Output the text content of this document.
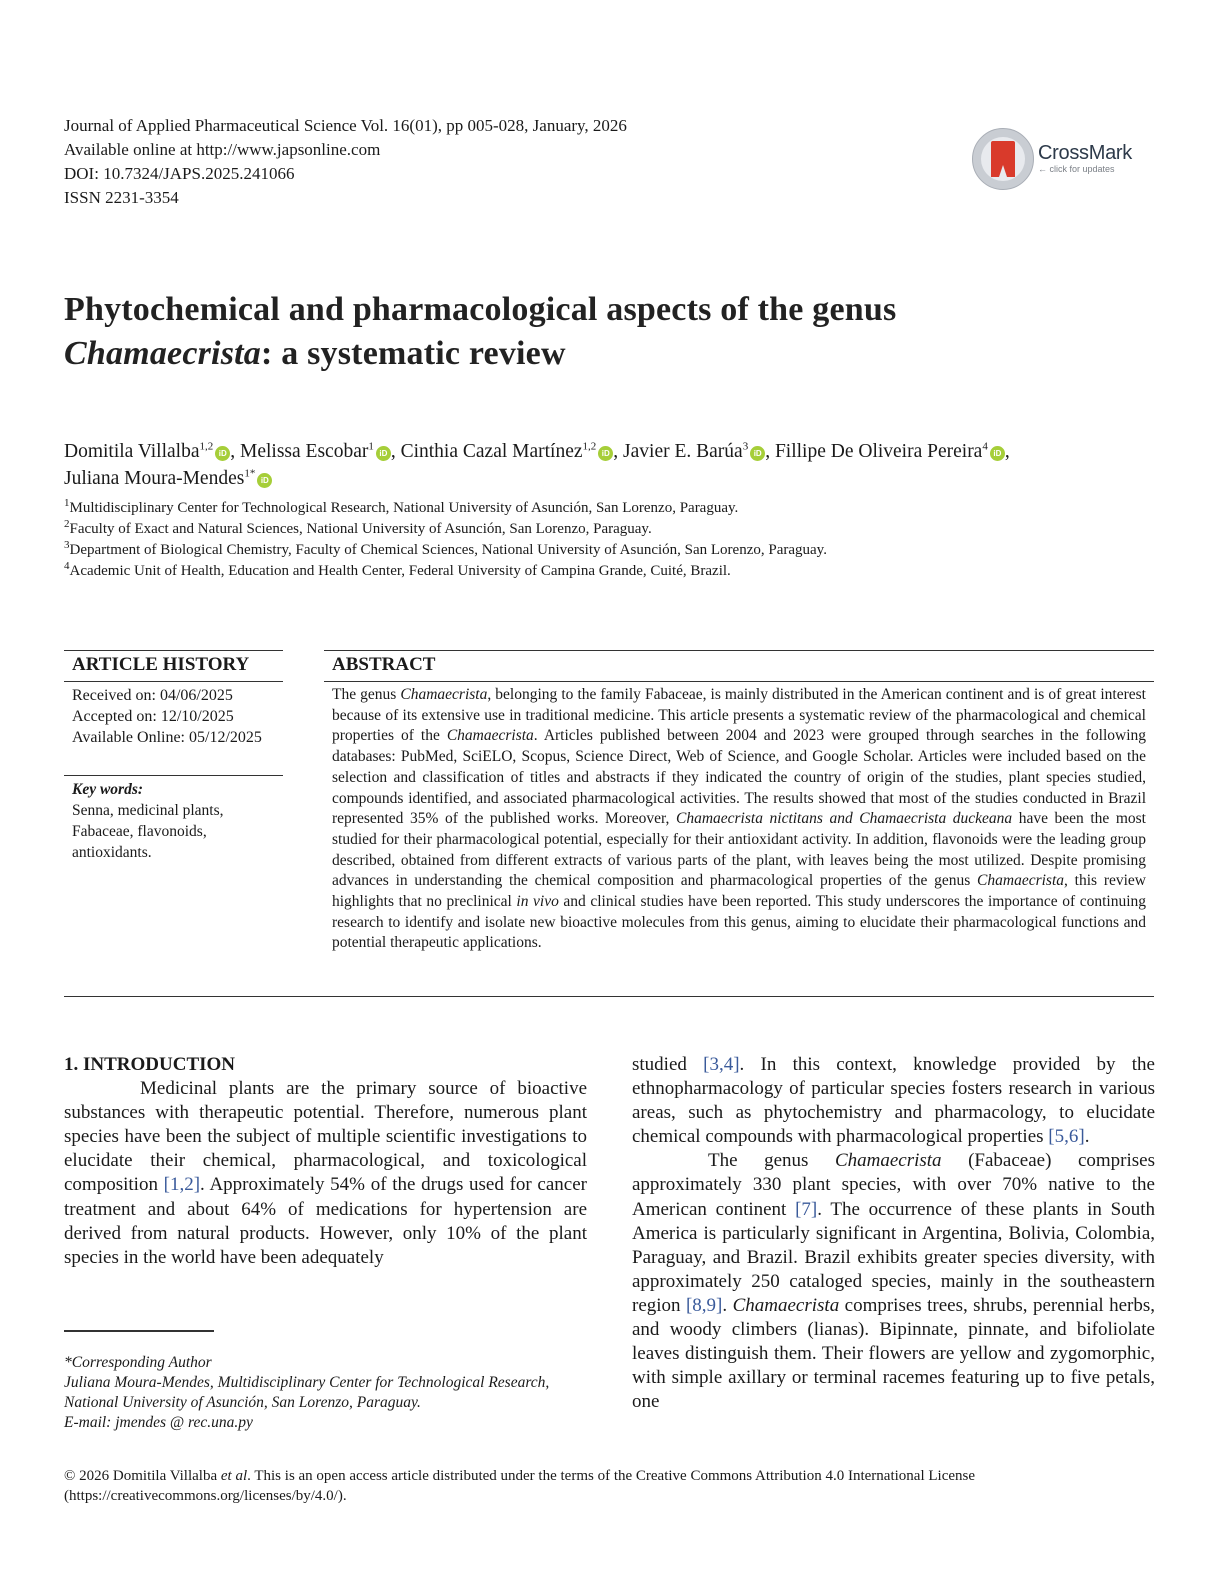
Journal of Applied Pharmaceutical Science Vol. 16(01), pp 005-028, January, 2026
Available online at http://www.japsonline.com
DOI: 10.7324/JAPS.2025.241066
ISSN 2231-3354
CrossMark
← click for updates
Phytochemical and pharmacological aspects of the genus
Chamaecrista: a systematic review
Domitila Villalba$^{1,2}$iD , Melissa Escobar$^1$iD , Cinthia Cazal Martínez$^{1,2}$iD , Javier E. Barúa$^3$iD , Fillipe De Oliveira Pereira$^4$iD ,
Juliana Moura-Mendes$^{1*}$iD
$^1$Multidisciplinary Center for Technological Research, National University of Asunción, San Lorenzo, Paraguay.
$^2$Faculty of Exact and Natural Sciences, National University of Asunción, San Lorenzo, Paraguay.
$^3$Department of Biological Chemistry, Faculty of Chemical Sciences, National University of Asunción, San Lorenzo, Paraguay.
$^4$Academic Unit of Health, Education and Health Center, Federal University of Campina Grande, Cuité, Brazil.
ARTICLE HISTORY
Received on: 04/06/2025
Accepted on: 12/10/2025
Available Online: 05/12/2025
Key words:
Senna, medicinal plants,
Fabaceae, flavonoids,
antioxidants.
ABSTRACT
The genus Chamaecrista, belonging to the family Fabaceae, is mainly distributed in the American continent and is of great interest because of its extensive use in traditional medicine. This article presents a systematic review of the pharmacological and chemical properties of the Chamaecrista. Articles published between 2004 and 2023 were grouped through searches in the following databases: PubMed, SciELO, Scopus, Science Direct, Web of Science, and Google Scholar. Articles were included based on the selection and classification of titles and abstracts if they indicated the country of origin of the studies, plant species studied, compounds identified, and associated pharmacological activities. The results showed that most of the studies conducted in Brazil represented 35% of the published works. Moreover, Chamaecrista nictitans and Chamaecrista duckeana have been the most studied for their pharmacological potential, especially for their antioxidant activity. In addition, flavonoids were the leading group described, obtained from different extracts of various parts of the plant, with leaves being the most utilized. Despite promising advances in understanding the chemical composition and pharmacological properties of the genus Chamaecrista, this review highlights that no preclinical in vivo and clinical studies have been reported. This study underscores the importance of continuing research to identify and isolate new bioactive molecules from this genus, aiming to elucidate their pharmacological functions and potential therapeutic applications.
1. INTRODUCTION
Medicinal plants are the primary source of bioactive substances with therapeutic potential. Therefore, numerous plant species have been the subject of multiple scientific investigations to elucidate their chemical, pharmacological, and toxicological composition [1,2]. Approximately 54% of the drugs used for cancer treatment and about 64% of medications for hypertension are derived from natural products. However, only 10% of the plant species in the world have been adequately
*Corresponding Author
Juliana Moura-Mendes, Multidisciplinary Center for Technological Research, National University of Asunción, San Lorenzo, Paraguay.
E-mail: jmendes @ rec.una.py
studied [3,4]. In this context, knowledge provided by the ethnopharmacology of particular species fosters research in various areas, such as phytochemistry and pharmacology, to elucidate chemical compounds with pharmacological properties [5,6].
The genus Chamaecrista (Fabaceae) comprises approximately 330 plant species, with over 70% native to the American continent [7]. The occurrence of these plants in South America is particularly significant in Argentina, Bolivia, Colombia, Paraguay, and Brazil. Brazil exhibits greater species diversity, with approximately 250 cataloged species, mainly in the southeastern region [8,9]. Chamaecrista comprises trees, shrubs, perennial herbs, and woody climbers (lianas). Bipinnate, pinnate, and bifoliolate leaves distinguish them. Their flowers are yellow and zygomorphic, with simple axillary or terminal racemes featuring up to five petals, one
© 2026 Domitila Villalba et al. This is an open access article distributed under the terms of the Creative Commons Attribution 4.0 International License (https://creativecommons.org/licenses/by/4.0/).
